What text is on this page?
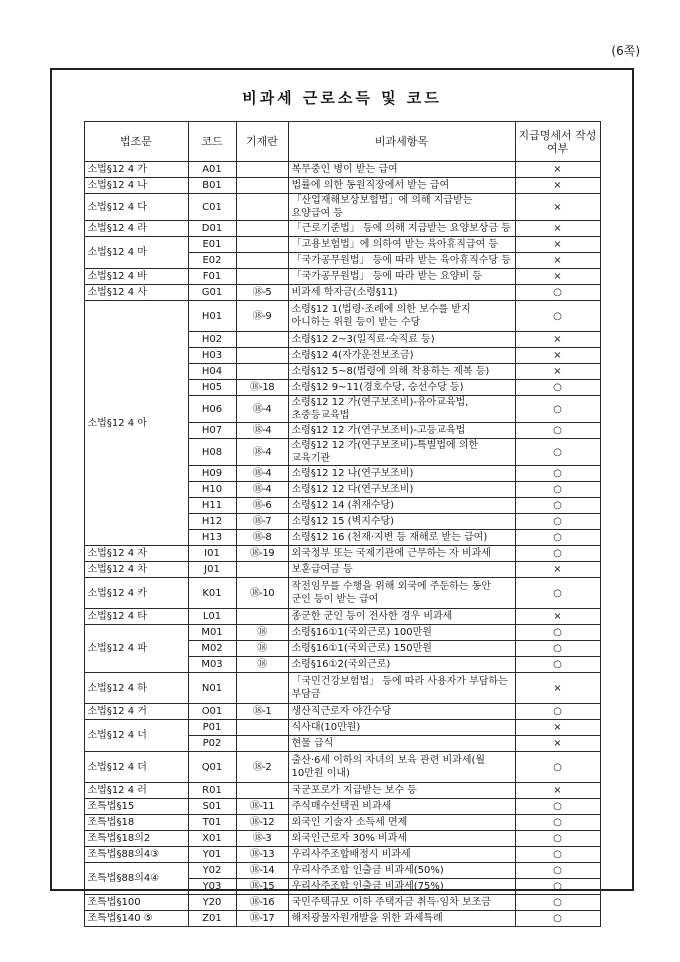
(6쪽)
비과세 근로소득 및 코드
법조문	코드	기재란	비과세항목	지급명세서 작성 여부
소법§12 4 가	A01		복무중인 병이 받는 급여	×
소법§12 4 나	B01		법률에 의한 동원직장에서 받는 급여	×
소법§12 4 다	C01		「산업재해보상보험법」에 의해 지급받는 요양급여 등	×
소법§12 4 라	D01		「근로기준법」 등에 의해 지급받는 요양보상금 등	×
소법§12 4 마	E01		「고용보험법」에 의하여 받는 육아휴직급여 등	×
	E02		「국가공무원법」 등에 따라 받는 육아휴직수당 등	×
소법§12 4 바	F01		「국가공무원법」 등에 따라 받는 요양비 등	×
소법§12 4 사	G01	⑱-5	비과세 학자금(소령§11)	○
소법§12 4 아	H01	⑱-9	소령§12 1(법령·조례에 의한 보수를 받지 아니하는 위원 등이 받는 수당	○
	H02		소령§12 2~3(일직료·숙직료 등)	×
	H03		소령§12 4(자가운전보조금)	×
	H04		소령§12 5~8(법령에 의해 착용하는 제복 등)	×
	H05	⑱-18	소령§12 9~11(경호수당, 승선수당 등)	○
	H06	⑱-4	소령§12 12 가(연구보조비)-유아교육법, 초중등교육법	○
	H07	⑱-4	소령§12 12 가(연구보조비)-고등교육법	○
	H08	⑱-4	소령§12 12 가(연구보조비)-특별법에 의한 교육기관	○
	H09	⑱-4	소령§12 12 나(연구보조비)	○
	H10	⑱-4	소령§12 12 다(연구보조비)	○
	H11	⑱-6	소령§12 14 (취재수당)	○
	H12	⑱-7	소령§12 15 (벽지수당)	○
	H13	⑱-8	소령§12 16 (천재·지변 등 재해로 받는 급여)	○
소법§12 4 자	I01	⑱-19	외국정부 또는 국제기관에 근무하는 자 비과세	○
소법§12 4 차	J01		보훈급여금 등	×
소법§12 4 카	K01	⑱-10	작전임무를 수행을 위해 외국에 주둔하는 동안 군인 등이 받는 급여	○
소법§12 4 타	L01		종군한 군인 등이 전사한 경우 비과세	×
소법§12 4 파	M01	⑱	소령§16①1(국외근로) 100만원	○
	M02	⑱	소령§16①1(국외근로) 150만원	○
	M03	⑱	소령§16①2(국외근로)	○
소법§12 4 하	N01		「국민건강보험법」 등에 따라 사용자가 부담하는 부담금	×
소법§12 4 거	O01	⑱-1	생산직근로자 야간수당	○
소법§12 4 너	P01		식사대(10만원)	×
	P02		현물 급식	×
소법§12 4 더	Q01	⑱-2	출산·6세 이하의 자녀의 보육 관련 비과세(월 10만원 이내)	○
소법§12 4 러	R01		국군포로가 지급받는 보수 등	×
조특법§15	S01	⑱-11	주식매수선택권 비과세	○
조특법§18	T01	⑱-12	외국인 기술자 소득세 면제	○
조특법§18의2	X01	⑱-3	외국인근로자 30% 비과세	○
조특법§88의4③	Y01	⑱-13	우리사주조합배정시 비과세	○
조특법§88의4④	Y02	⑱-14	우리사주조합 인출금 비과세(50%)	○
	Y03	⑱-15	우리사주조합 인출금 비과세(75%)	○
조특법§100	Y20	⑱-16	국민주택규모 이하 주택자금 취득·임차 보조금	○
조특법§140 ⑤	Z01	⑱-17	해저광물자원개발을 위한 과세특례	○
